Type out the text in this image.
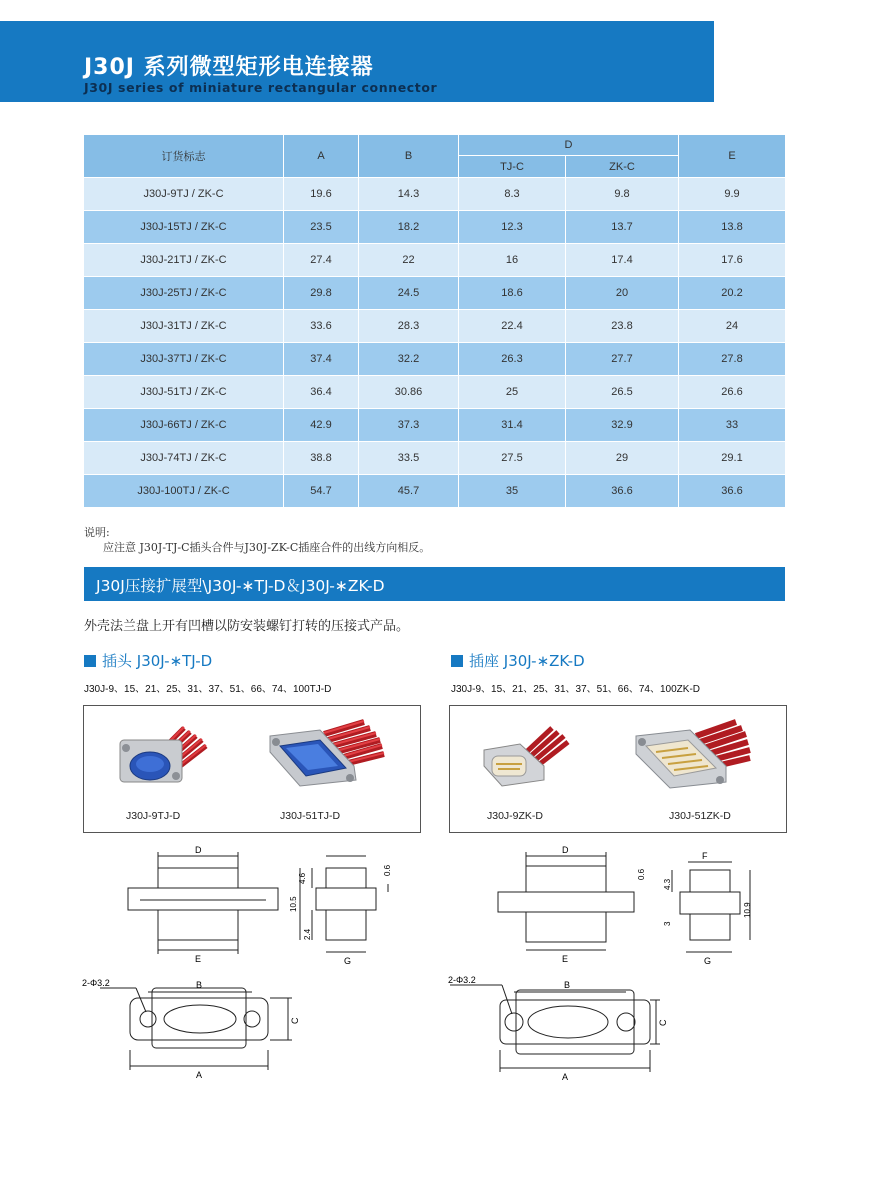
J30J 系列微型矩形电连接器
J30J series of miniature rectangular connector
订货标志	A	B	D		E
			TJ-C	ZK-C	
J30J-9TJ / ZK-C	19.6	14.3	8.3	9.8	9.9
J30J-15TJ / ZK-C	23.5	18.2	12.3	13.7	13.8
J30J-21TJ / ZK-C	27.4	22	16	17.4	17.6
J30J-25TJ / ZK-C	29.8	24.5	18.6	20	20.2
J30J-31TJ / ZK-C	33.6	28.3	22.4	23.8	24
J30J-37TJ / ZK-C	37.4	32.2	26.3	27.7	27.8
J30J-51TJ / ZK-C	36.4	30.86	25	26.5	26.6
J30J-66TJ / ZK-C	42.9	37.3	31.4	32.9	33
J30J-74TJ / ZK-C	38.8	33.5	27.5	29	29.1
J30J-100TJ / ZK-C	54.7	45.7	35	36.6	36.6
说明:
应注意 J30J-TJ-C插头合件与J30J-ZK-C插座合件的出线方向相反。
J30J压接扩展型\J30J-∗TJ-D＆J30J-∗ZK-D
外壳法兰盘上开有凹槽以防安装螺钉打转的压接式产品。
插头 J30J-∗TJ-D	插座 J30J-∗ZK-D
J30J-9、15、21、25、31、37、51、66、74、100TJ-D	J30J-9、15、21、25、31、37、51、66、74、100ZK-D
J30J-9TJ-D	J30J-51TJ-D	J30J-9ZK-D	J30J-51ZK-D
D
E	G
4.6
10.5
2.4
0.6
2-Φ3.2	B
C
A
D
E
F
G
0.6
4.3
3
10.9
2-Φ3.2	B
C
A
